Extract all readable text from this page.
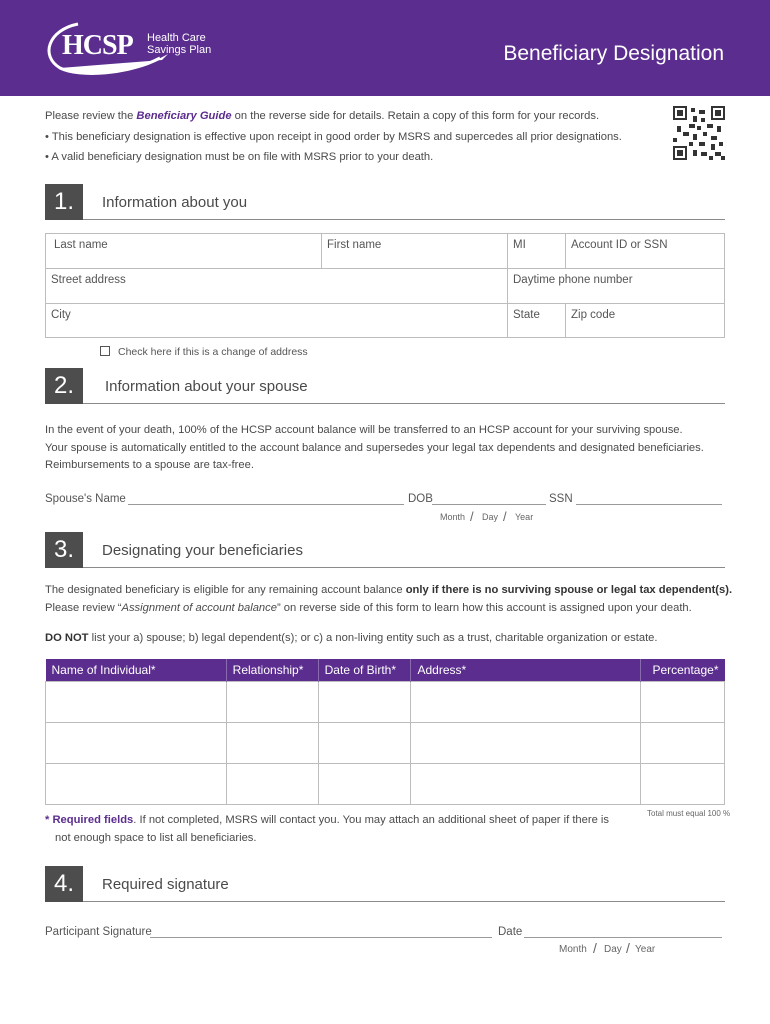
HCSP Health Care
Savings Plan	Beneficiary Designation
Please review the Beneficiary Guide on the reverse side for details. Retain a copy of this form for your records.
• This beneficiary designation is effective upon receipt in good order by MSRS and supercedes all prior designations.
• A valid beneficiary designation must be on file with MSRS prior to your death.
1.	Information about you
Last name	First name	MI	Account ID or SSN
Street address	Daytime phone number
City	State	Zip code
Check here if this is a change of address
2.	Information about your spouse
In the event of your death, 100% of the HCSP account balance will be transferred to an HCSP account for your surviving spouse.
Your spouse is automatically entitled to the account balance and supersedes your legal tax dependents and designated beneficiaries.
Reimbursements to a spouse are tax-free.
Spouse's Name	DOB	SSN
Month / Day / Year
3.	Designating your beneficiaries
The designated beneficiary is eligible for any remaining account balance only if there is no surviving spouse or legal tax dependent(s).
Please review “Assignment of account balance” on reverse side of this form to learn how this account is assigned upon your death.
DO NOT list your a) spouse; b) legal dependent(s); or c) a non-living entity such as a trust, charitable organization or estate.
Name of Individual*	Relationship*	Date of Birth*	Address*	Percentage*

* Required fields. If not completed, MSRS will contact you. You may attach an additional sheet of paper if there is
not enough space to list all beneficiaries.
Total must equal 100 %
4.	Required signature
Participant Signature	Date
Month / Day / Year
